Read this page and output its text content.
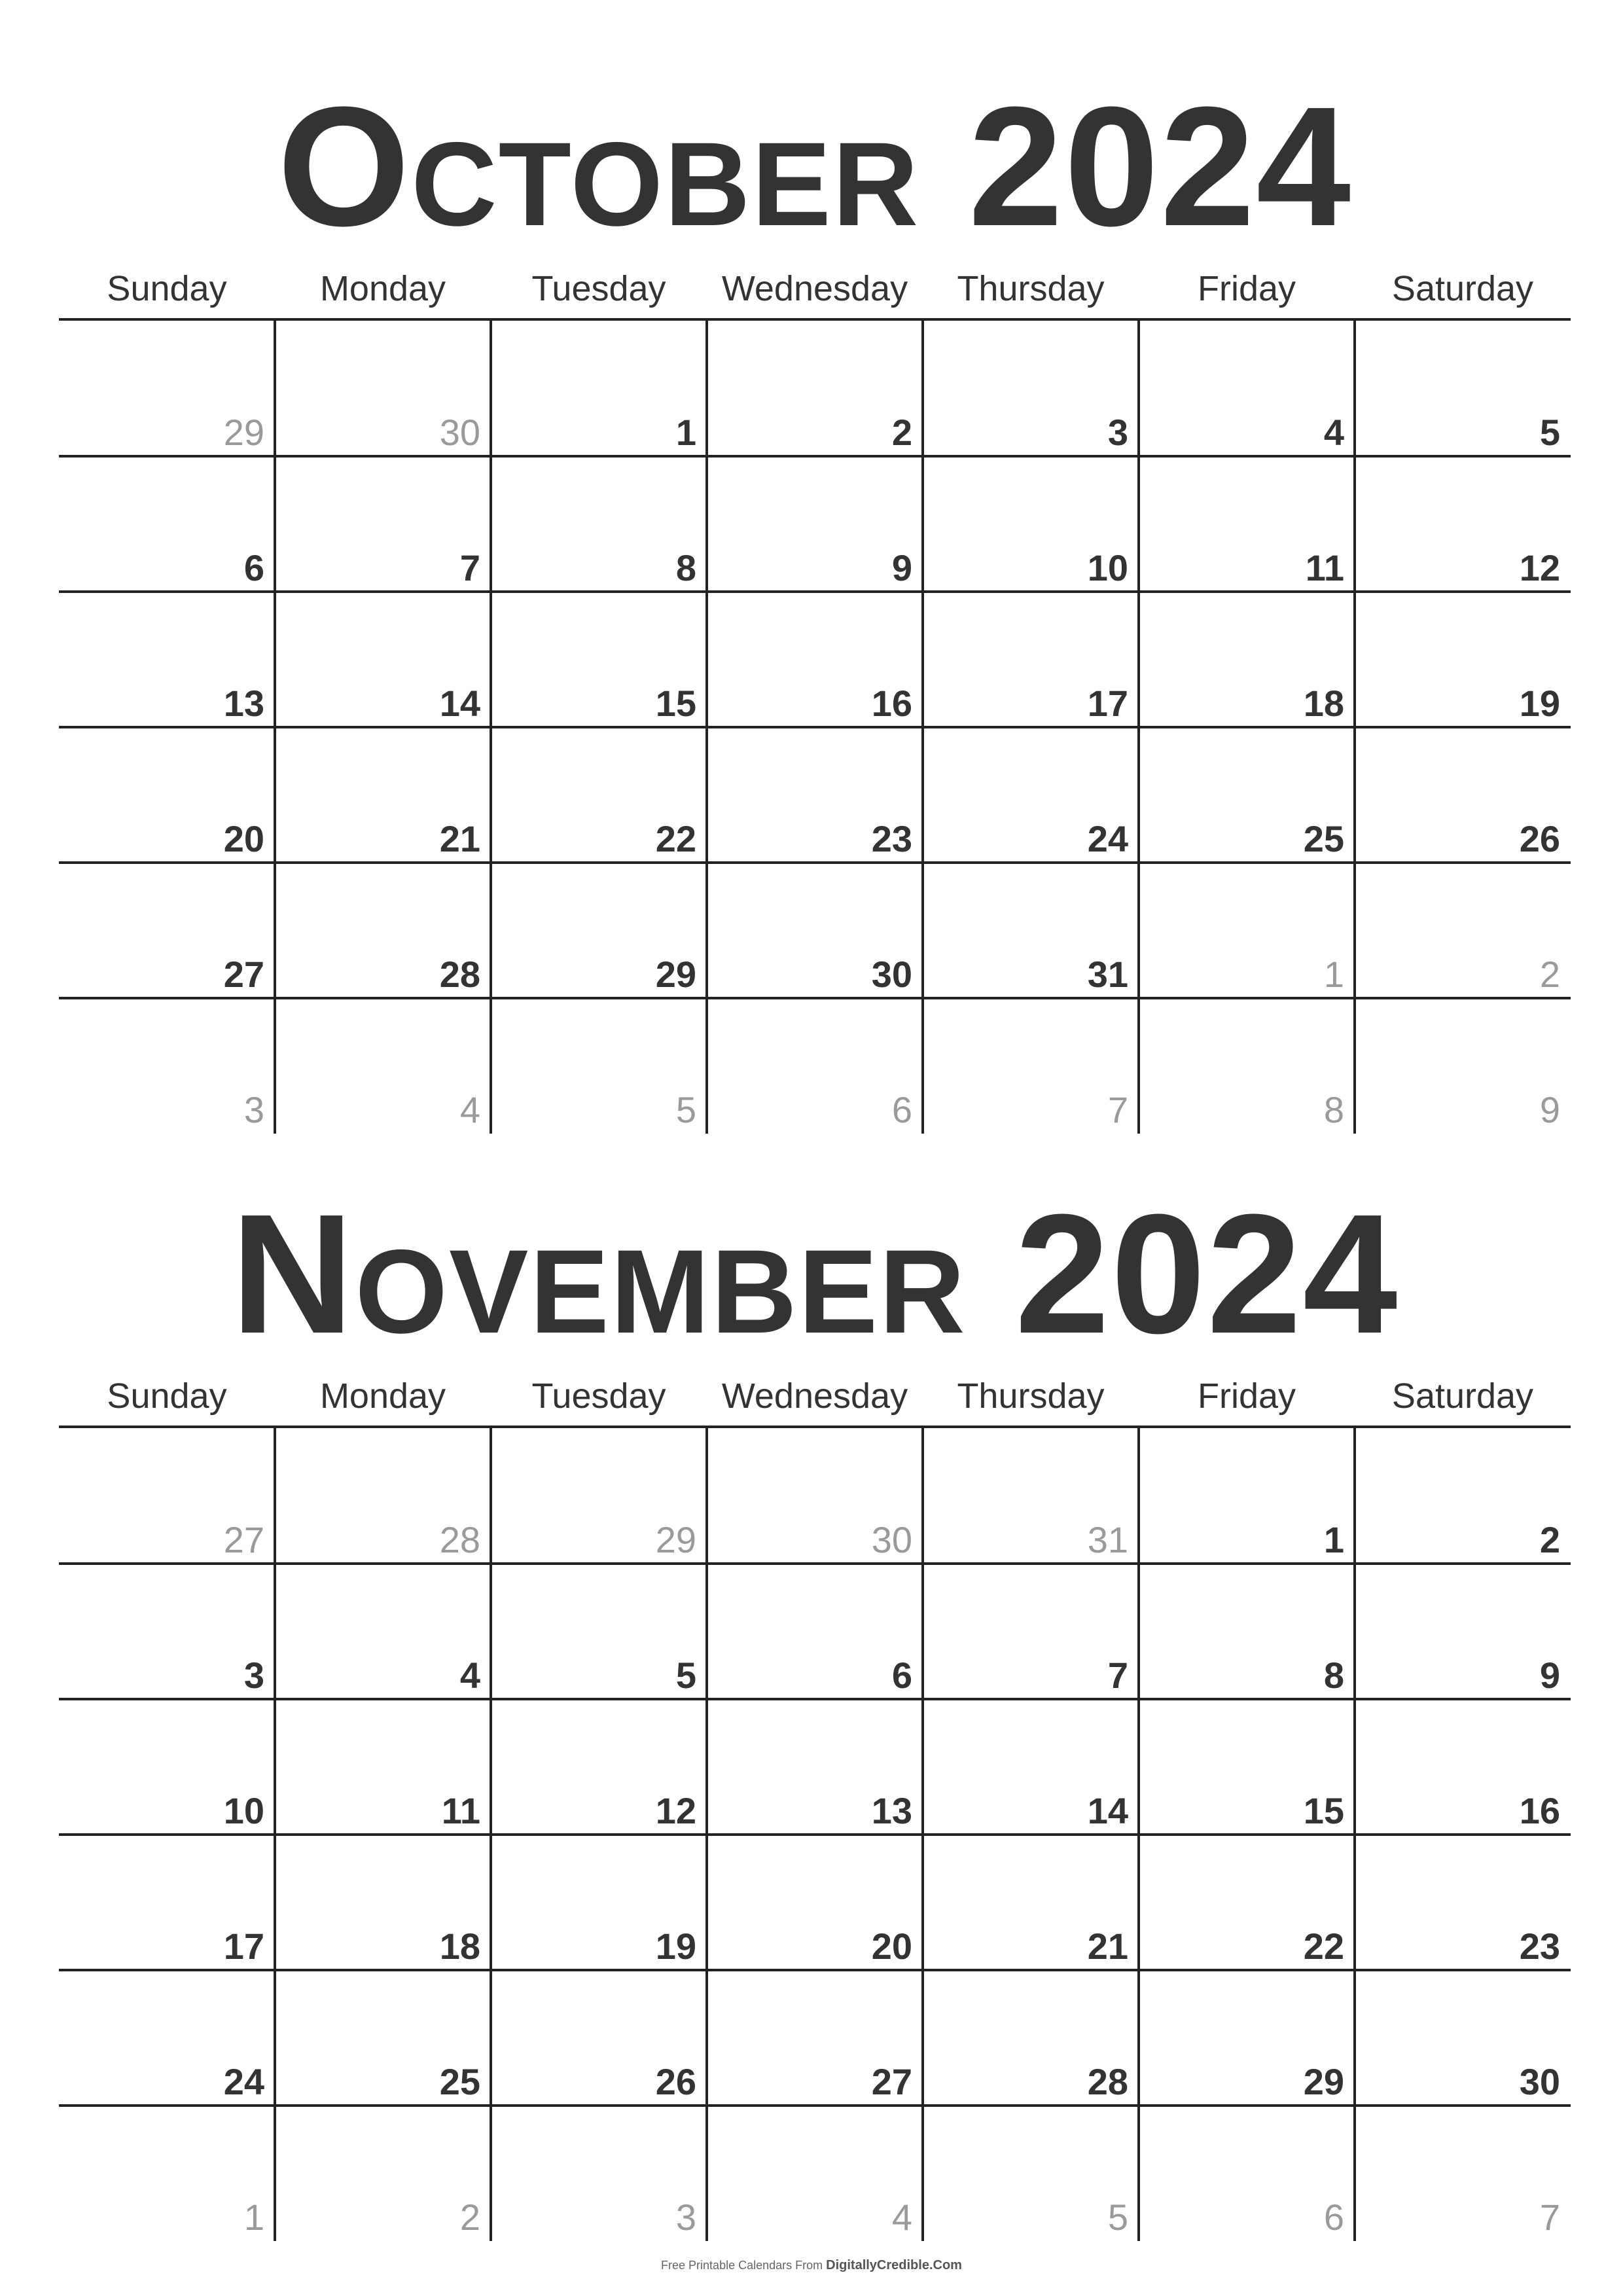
October 2024
Sunday	Monday	Tuesday	Wednesday	Thursday	Friday	Saturday
29	30	1	2	3	4	5
6	7	8	9	10	11	12
13	14	15	16	17	18	19
20	21	22	23	24	25	26
27	28	29	30	31	1	2
3	4	5	6	7	8	9
November 2024
Sunday	Monday	Tuesday	Wednesday	Thursday	Friday	Saturday
27	28	29	30	31	1	2
3	4	5	6	7	8	9
10	11	12	13	14	15	16
17	18	19	20	21	22	23
24	25	26	27	28	29	30
1	2	3	4	5	6	7
Free Printable Calendars From DigitallyCredible.Com
